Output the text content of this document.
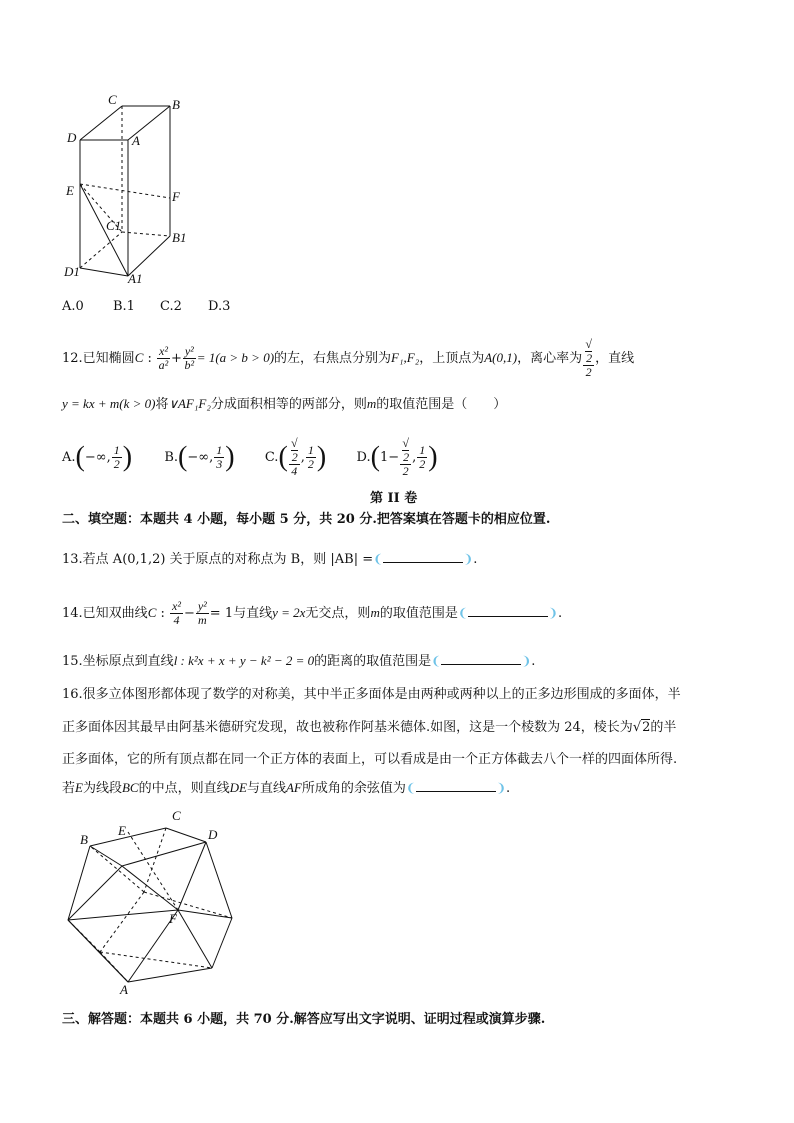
C	B
D	A
E	F
C1
B1
D1	A1
A.0 B.1 C.2 D.3
12.已知椭圆C : $\frac{\text{x²}}{\text{a²}} + \frac{\text{y²}}{\text{b²}} = 1(a > b > 0)$的左，右焦点分别为F₁,F₂，上顶点为A(0,1)，离心率为 √
2
2 ，直线
y = kx + m(k > 0)将∨AF₁F₂分成面积相等的两部分，则m的取值范围是（　　）
A.(−∞, $\frac{1}{2}$ ) B.(−∞, $\frac{1}{3}$ ) C.( √
2
4 , $\frac{1}{2}$ ) D.(1− √
2
2 , $\frac{1}{2}$ )
第 II 卷
二、填空题：本题共 4 小题，每小题 5 分，共 20 分.把答案填在答题卡的相应位置.
13.若点 A(0,1,2) 关于原点的对称点为 B，则 |AB| =❨	❩.
14.已知双曲线C : $\frac{\text{x²}}{4} - \frac{\text{y²}}{m} = 1$与直线y = 2x无交点，则m的取值范围是❨	❩.
15.坐标原点到直线l : k²x + x + y − k² − 2 = 0的距离的取值范围是❨	❩.
16.很多立体图形都体现了数学的对称美，其中半正多面体是由两种或两种以上的正多边形围成的多面体，半
正多面体因其最早由阿基米德研究发现，故也被称作阿基米德体.如图，这是一个棱数为 24，棱长为√2的半
正多面体，它的所有顶点都在同一个正方体的表面上，可以看成是由一个正方体截去八个一样的四面体所得.
若E为线段BC的中点，则直线DE与直线AF所成角的余弦值为❨	❩.
C
B
E	D
F
A
三、解答题：本题共 6 小题，共 70 分.解答应写出文字说明、证明过程或演算步骤.
